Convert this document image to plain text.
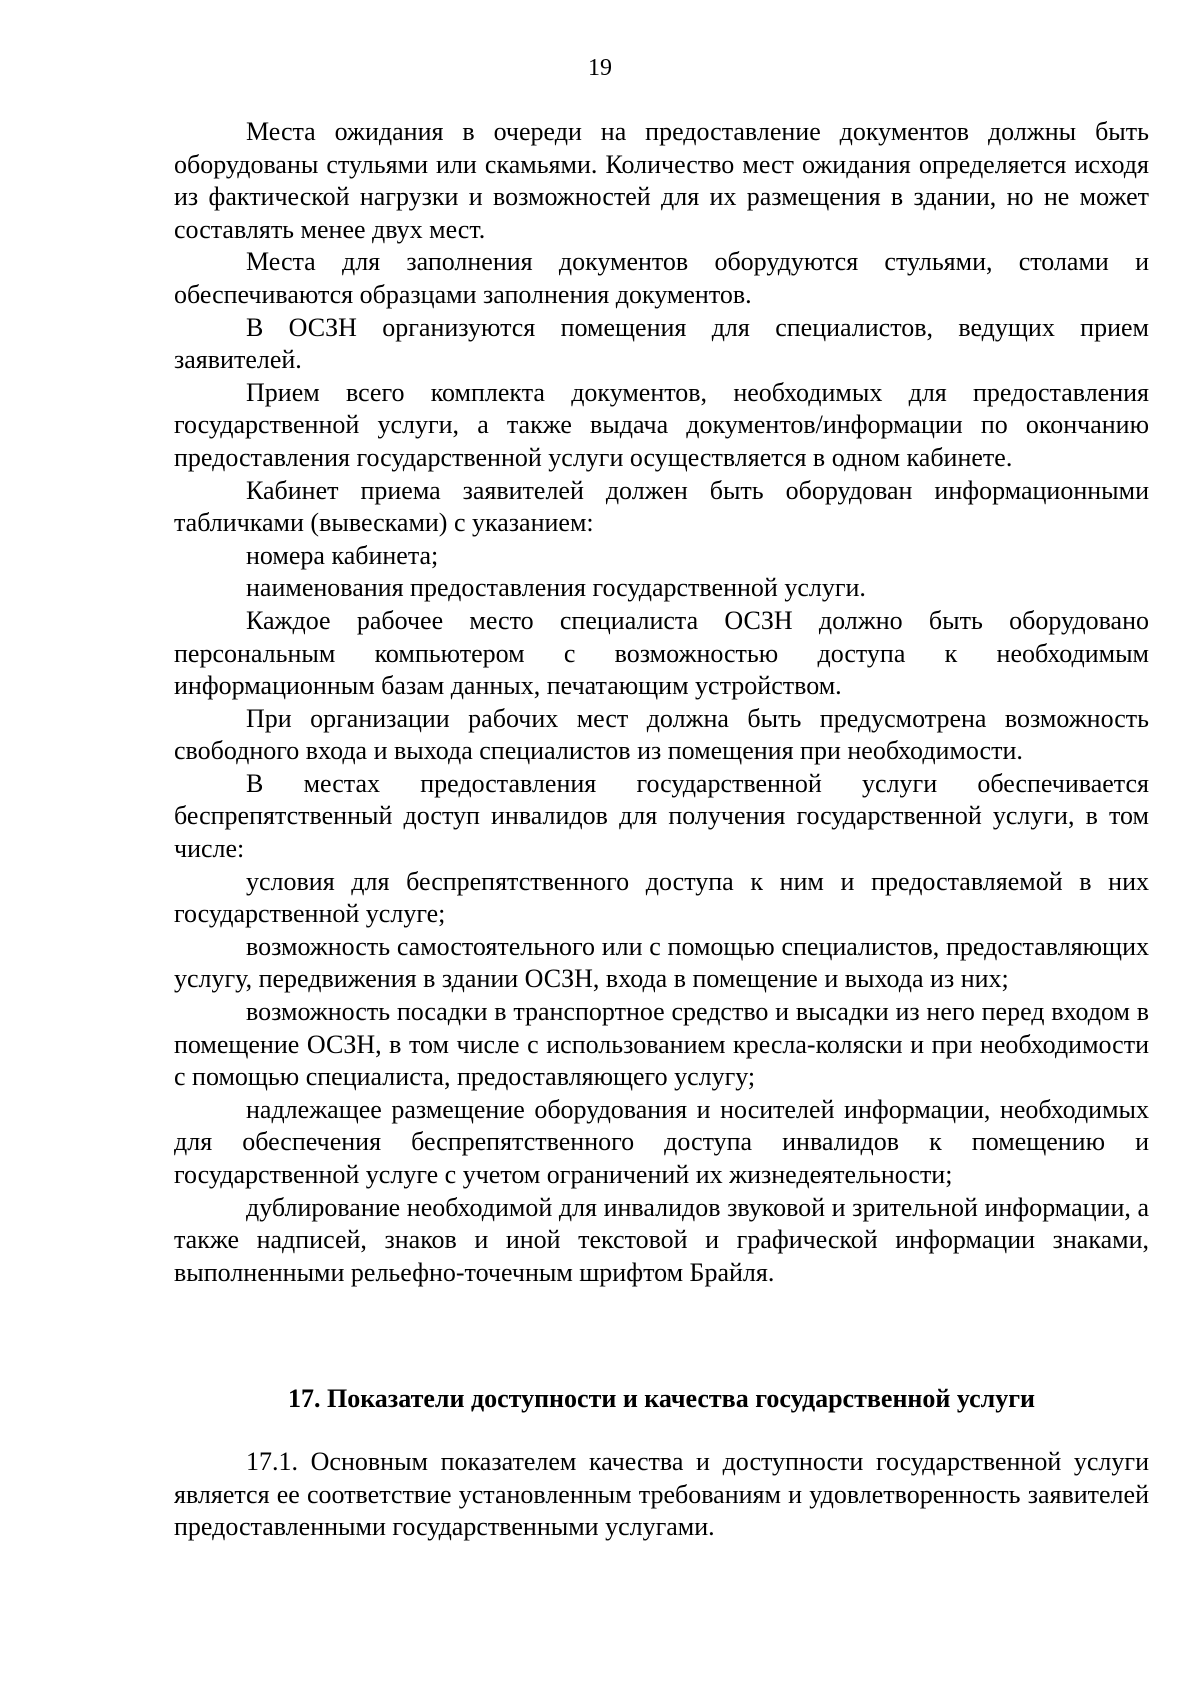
19

Места ожидания в очереди на предоставление документов должны быть оборудованы стульями или скамьями. Количество мест ожидания определяется исходя из фактической нагрузки и возможностей для их размещения в здании, но не может составлять менее двух мест.

Места для заполнения документов оборудуются стульями, столами и обеспечиваются образцами заполнения документов.

В ОСЗН организуются помещения для специалистов, ведущих прием заявителей.

Прием всего комплекта документов, необходимых для предоставления государственной услуги, а также выдача документов/информации по окончанию предоставления государственной услуги осуществляется в одном кабинете.

Кабинет приема заявителей должен быть оборудован информационными табличками (вывесками) с указанием:

номера кабинета;

наименования предоставления государственной услуги.

Каждое рабочее место специалиста ОСЗН должно быть оборудовано персональным компьютером с возможностью доступа к необходимым информационным базам данных, печатающим устройством.

При организации рабочих мест должна быть предусмотрена возможность свободного входа и выхода специалистов из помещения при необходимости.

В местах предоставления государственной услуги обеспечивается беспрепятственный доступ инвалидов для получения государственной услуги, в том числе:

условия для беспрепятственного доступа к ним и предоставляемой в них государственной услуге;

возможность самостоятельного или с помощью специалистов, предоставляющих услугу, передвижения в здании ОСЗН, входа в помещение и выхода из них;

возможность посадки в транспортное средство и высадки из него перед входом в помещение ОСЗН, в том числе с использованием кресла-коляски и при необходимости с помощью специалиста, предоставляющего услугу;

надлежащее размещение оборудования и носителей информации, необходимых для обеспечения беспрепятственного доступа инвалидов к помещению и государственной услуге с учетом ограничений их жизнедеятельности;

дублирование необходимой для инвалидов звуковой и зрительной информации, а также надписей, знаков и иной текстовой и графической информации знаками, выполненными рельефно-точечным шрифтом Брайля.

17. Показатели доступности и качества государственной услуги

17.1. Основным показателем качества и доступности государственной услуги является ее соответствие установленным требованиям и удовлетворенность заявителей предоставленными государственными услугами.
